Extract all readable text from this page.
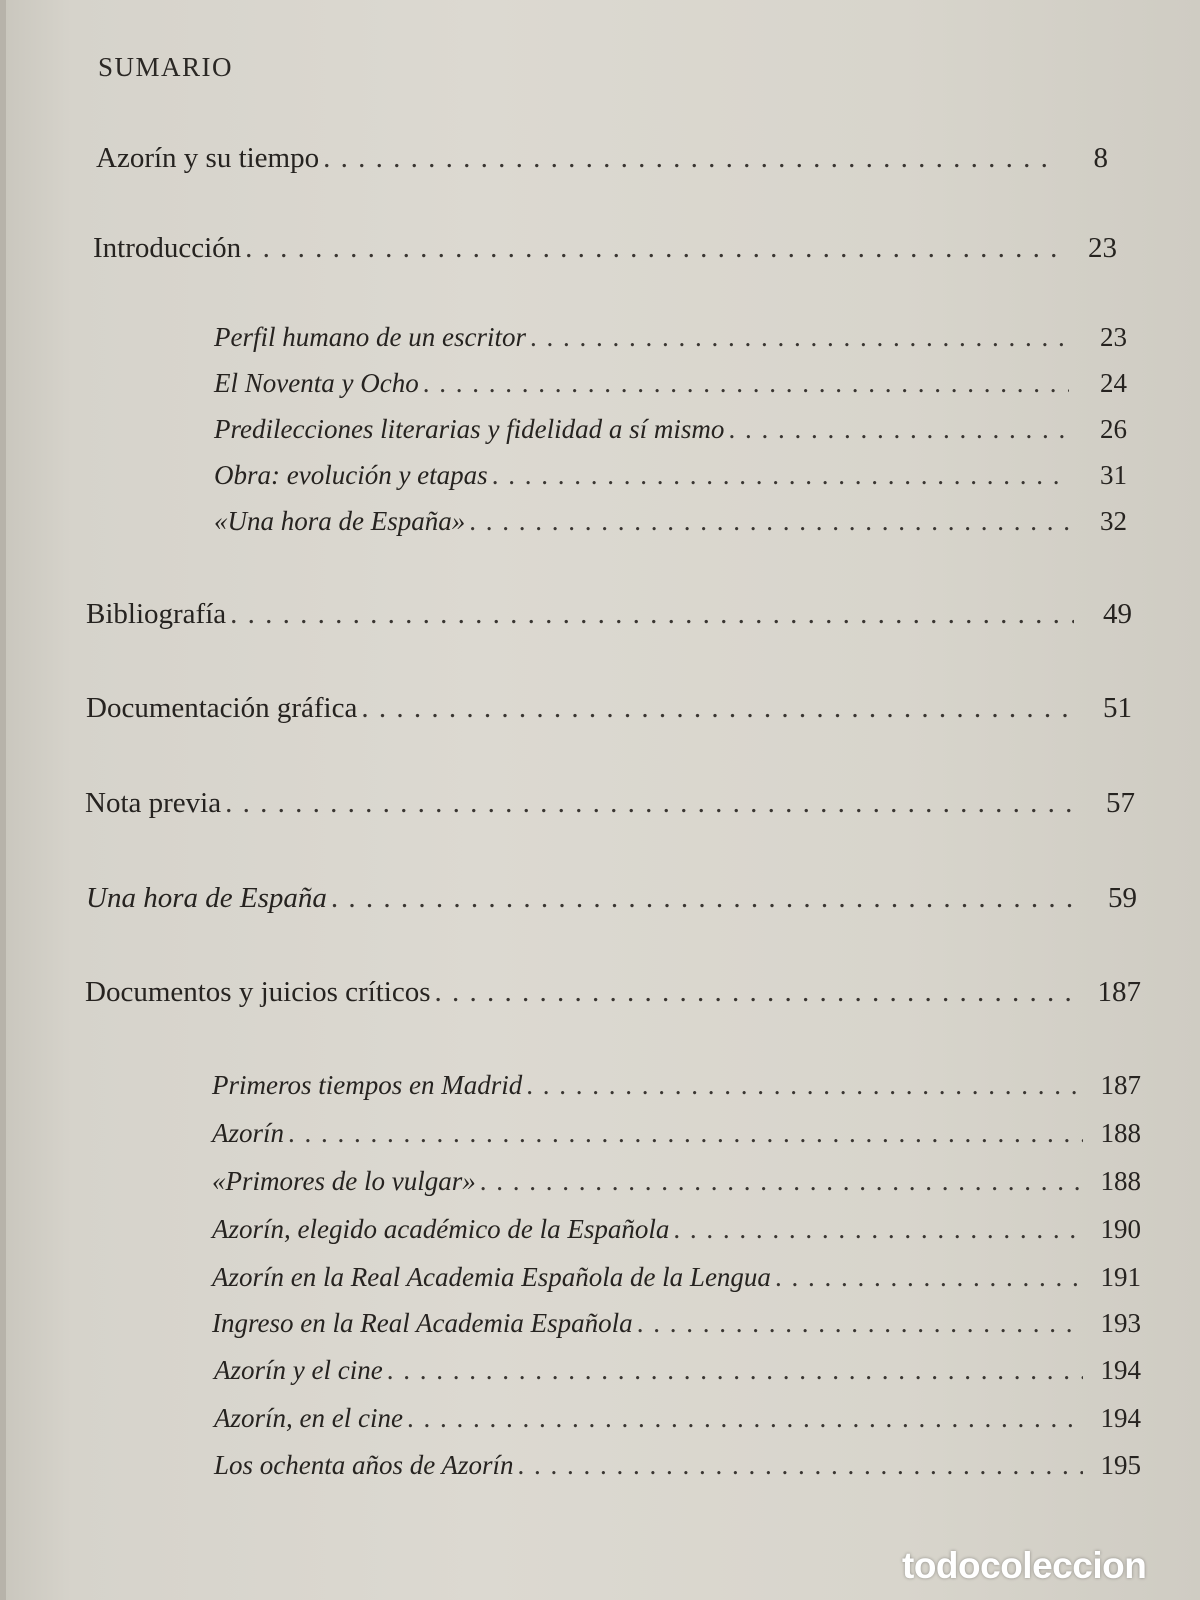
SUMARIO
Azorín y su tiempo . . .	8
Introducción . . .	23
Perfil humano de un escritor . . .	23
El Noventa y Ocho . . .	24
Predilecciones literarias y fidelidad a sí mismo . . .	26
Obra: evolución y etapas . . .	31
«Una hora de España» . . .	32
Bibliografía . . .	49
Documentación gráfica . . .	51
Nota previa . . .	57
Una hora de España . . .	59
Documentos y juicios críticos . . .	187
Primeros tiempos en Madrid . . .	187
Azorín . . .	188
«Primores de lo vulgar» . . .	188
Azorín, elegido académico de la Española . . .	190
Azorín en la Real Academia Española de la Lengua . . .	191
Ingreso en la Real Academia Española . . .	193
Azorín y el cine . . .	194
Azorín, en el cine . . .	194
Los ochenta años de Azorín . . .	195
todocoleccion
